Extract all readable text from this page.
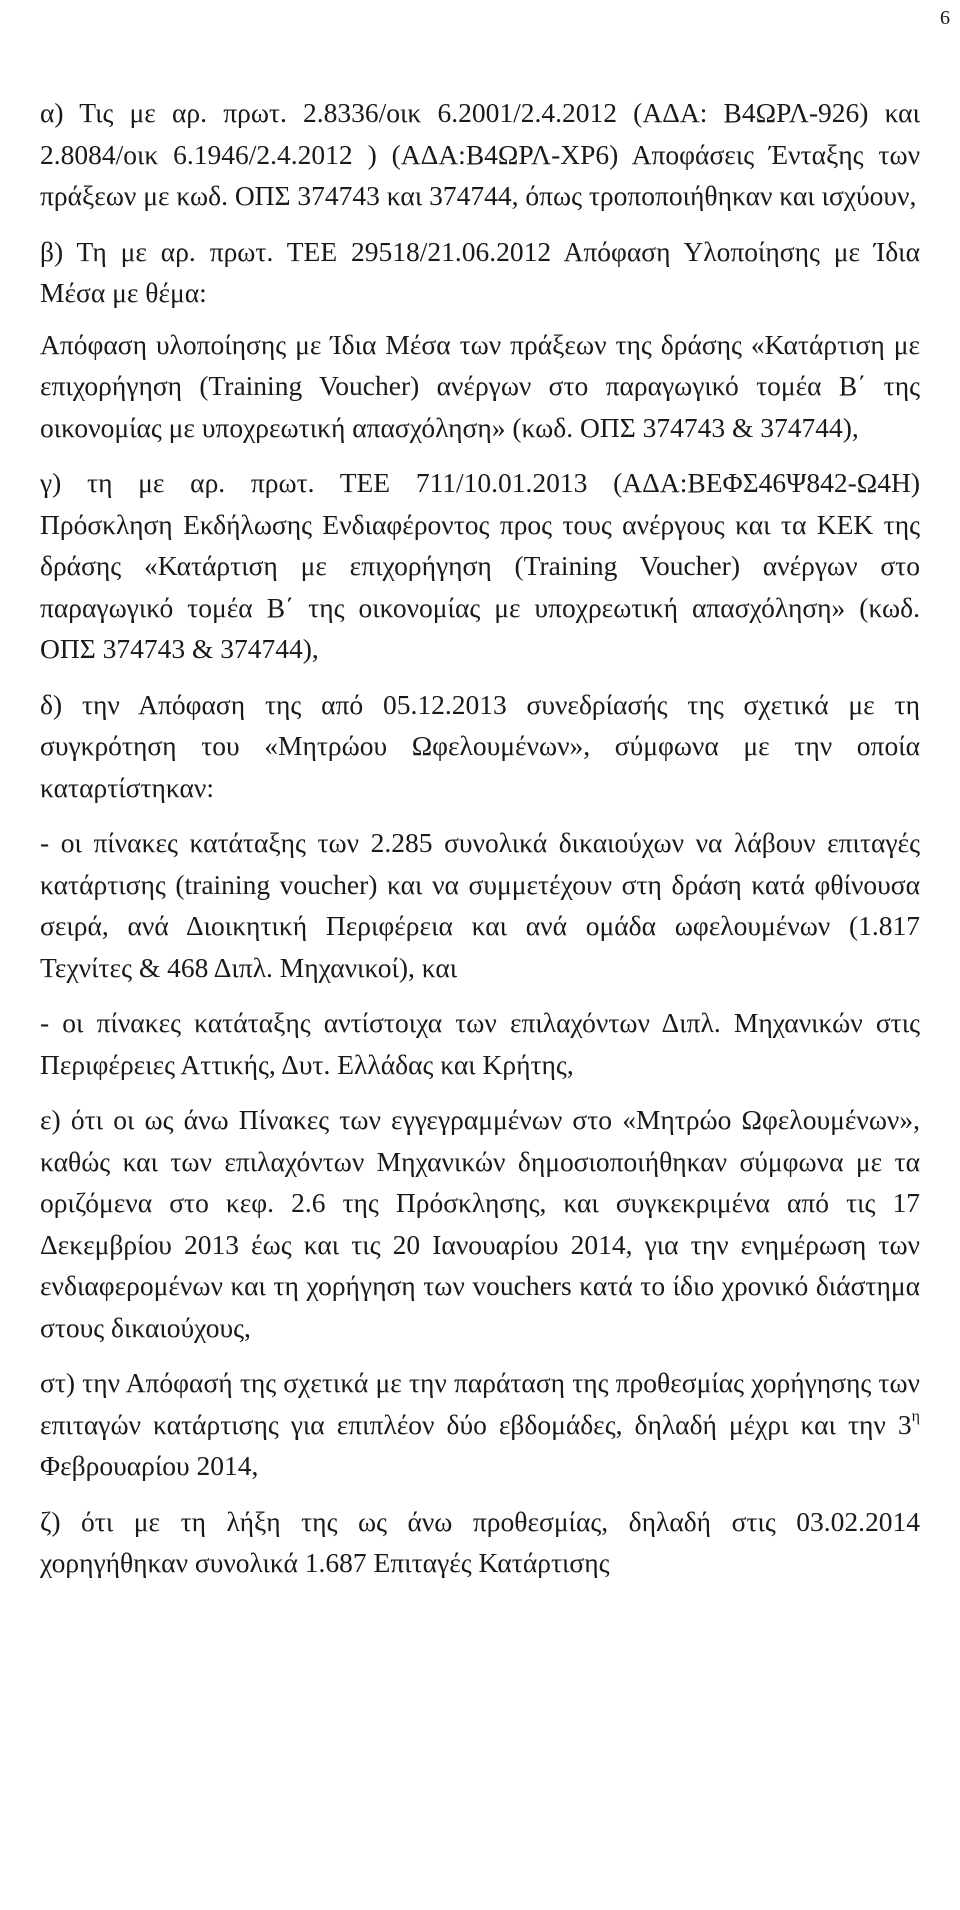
6

α) Τις με αρ. πρωτ. 2.8336/οικ 6.2001/2.4.2012 (ΑΔΑ: Β4ΩΡΛ-926) και 2.8084/οικ 6.1946/2.4.2012 ) (ΑΔΑ:Β4ΩΡΛ-ΧΡ6) Αποφάσεις Ένταξης των πράξεων με κωδ. ΟΠΣ 374743 και 374744, όπως τροποποιήθηκαν και ισχύουν,

β) Τη με αρ. πρωτ. ΤΕΕ 29518/21.06.2012 Απόφαση Υλοποίησης με Ίδια Μέσα με θέμα:

Απόφαση υλοποίησης με Ίδια Μέσα των πράξεων της δράσης «Κατάρτιση με επιχορήγηση (Training Voucher) ανέργων στο παραγωγικό τομέα Β΄ της οικονομίας με υποχρεωτική απασχόληση» (κωδ. ΟΠΣ 374743 & 374744),

γ) τη με αρ. πρωτ. ΤΕΕ 711/10.01.2013 (ΑΔΑ:ΒΕΦΣ46Ψ842-Ω4Η) Πρόσκληση Εκδήλωσης Ενδιαφέροντος προς τους ανέργους και τα ΚΕΚ της δράσης «Κατάρτιση με επιχορήγηση (Training Voucher) ανέργων στο παραγωγικό τομέα Β΄ της οικονομίας με υποχρεωτική απασχόληση» (κωδ. ΟΠΣ 374743 & 374744),

δ) την Απόφαση της από 05.12.2013 συνεδρίασής της σχετικά με τη συγκρότηση του «Μητρώου Ωφελουμένων», σύμφωνα με την οποία καταρτίστηκαν:

- οι πίνακες κατάταξης των 2.285 συνολικά δικαιούχων να λάβουν επιταγές κατάρτισης (training voucher) και να συμμετέχουν στη δράση κατά φθίνουσα σειρά, ανά Διοικητική Περιφέρεια και ανά ομάδα ωφελουμένων (1.817 Τεχνίτες & 468 Διπλ. Μηχανικοί), και

- οι πίνακες κατάταξης αντίστοιχα των επιλαχόντων Διπλ. Μηχανικών στις Περιφέρειες Αττικής, Δυτ. Ελλάδας και Κρήτης,

ε) ότι οι ως άνω Πίνακες των εγγεγραμμένων στο «Μητρώο Ωφελουμένων», καθώς και των επιλαχόντων Μηχανικών δημοσιοποιήθηκαν σύμφωνα με τα οριζόμενα στο κεφ. 2.6 της Πρόσκλησης, και συγκεκριμένα από τις 17 Δεκεμβρίου 2013 έως και τις 20 Ιανουαρίου 2014, για την ενημέρωση των ενδιαφερομένων και τη χορήγηση των vouchers κατά το ίδιο χρονικό διάστημα στους δικαιούχους,

στ) την Απόφασή της σχετικά με την παράταση της προθεσμίας χορήγησης των επιταγών κατάρτισης για επιπλέον δύο εβδομάδες, δηλαδή μέχρι και την $3^\eta$ Φεβρουαρίου 2014,

ζ) ότι με τη λήξη της ως άνω προθεσμίας, δηλαδή στις 03.02.2014 χορηγήθηκαν συνολικά 1.687 Επιταγές Κατάρτισης
